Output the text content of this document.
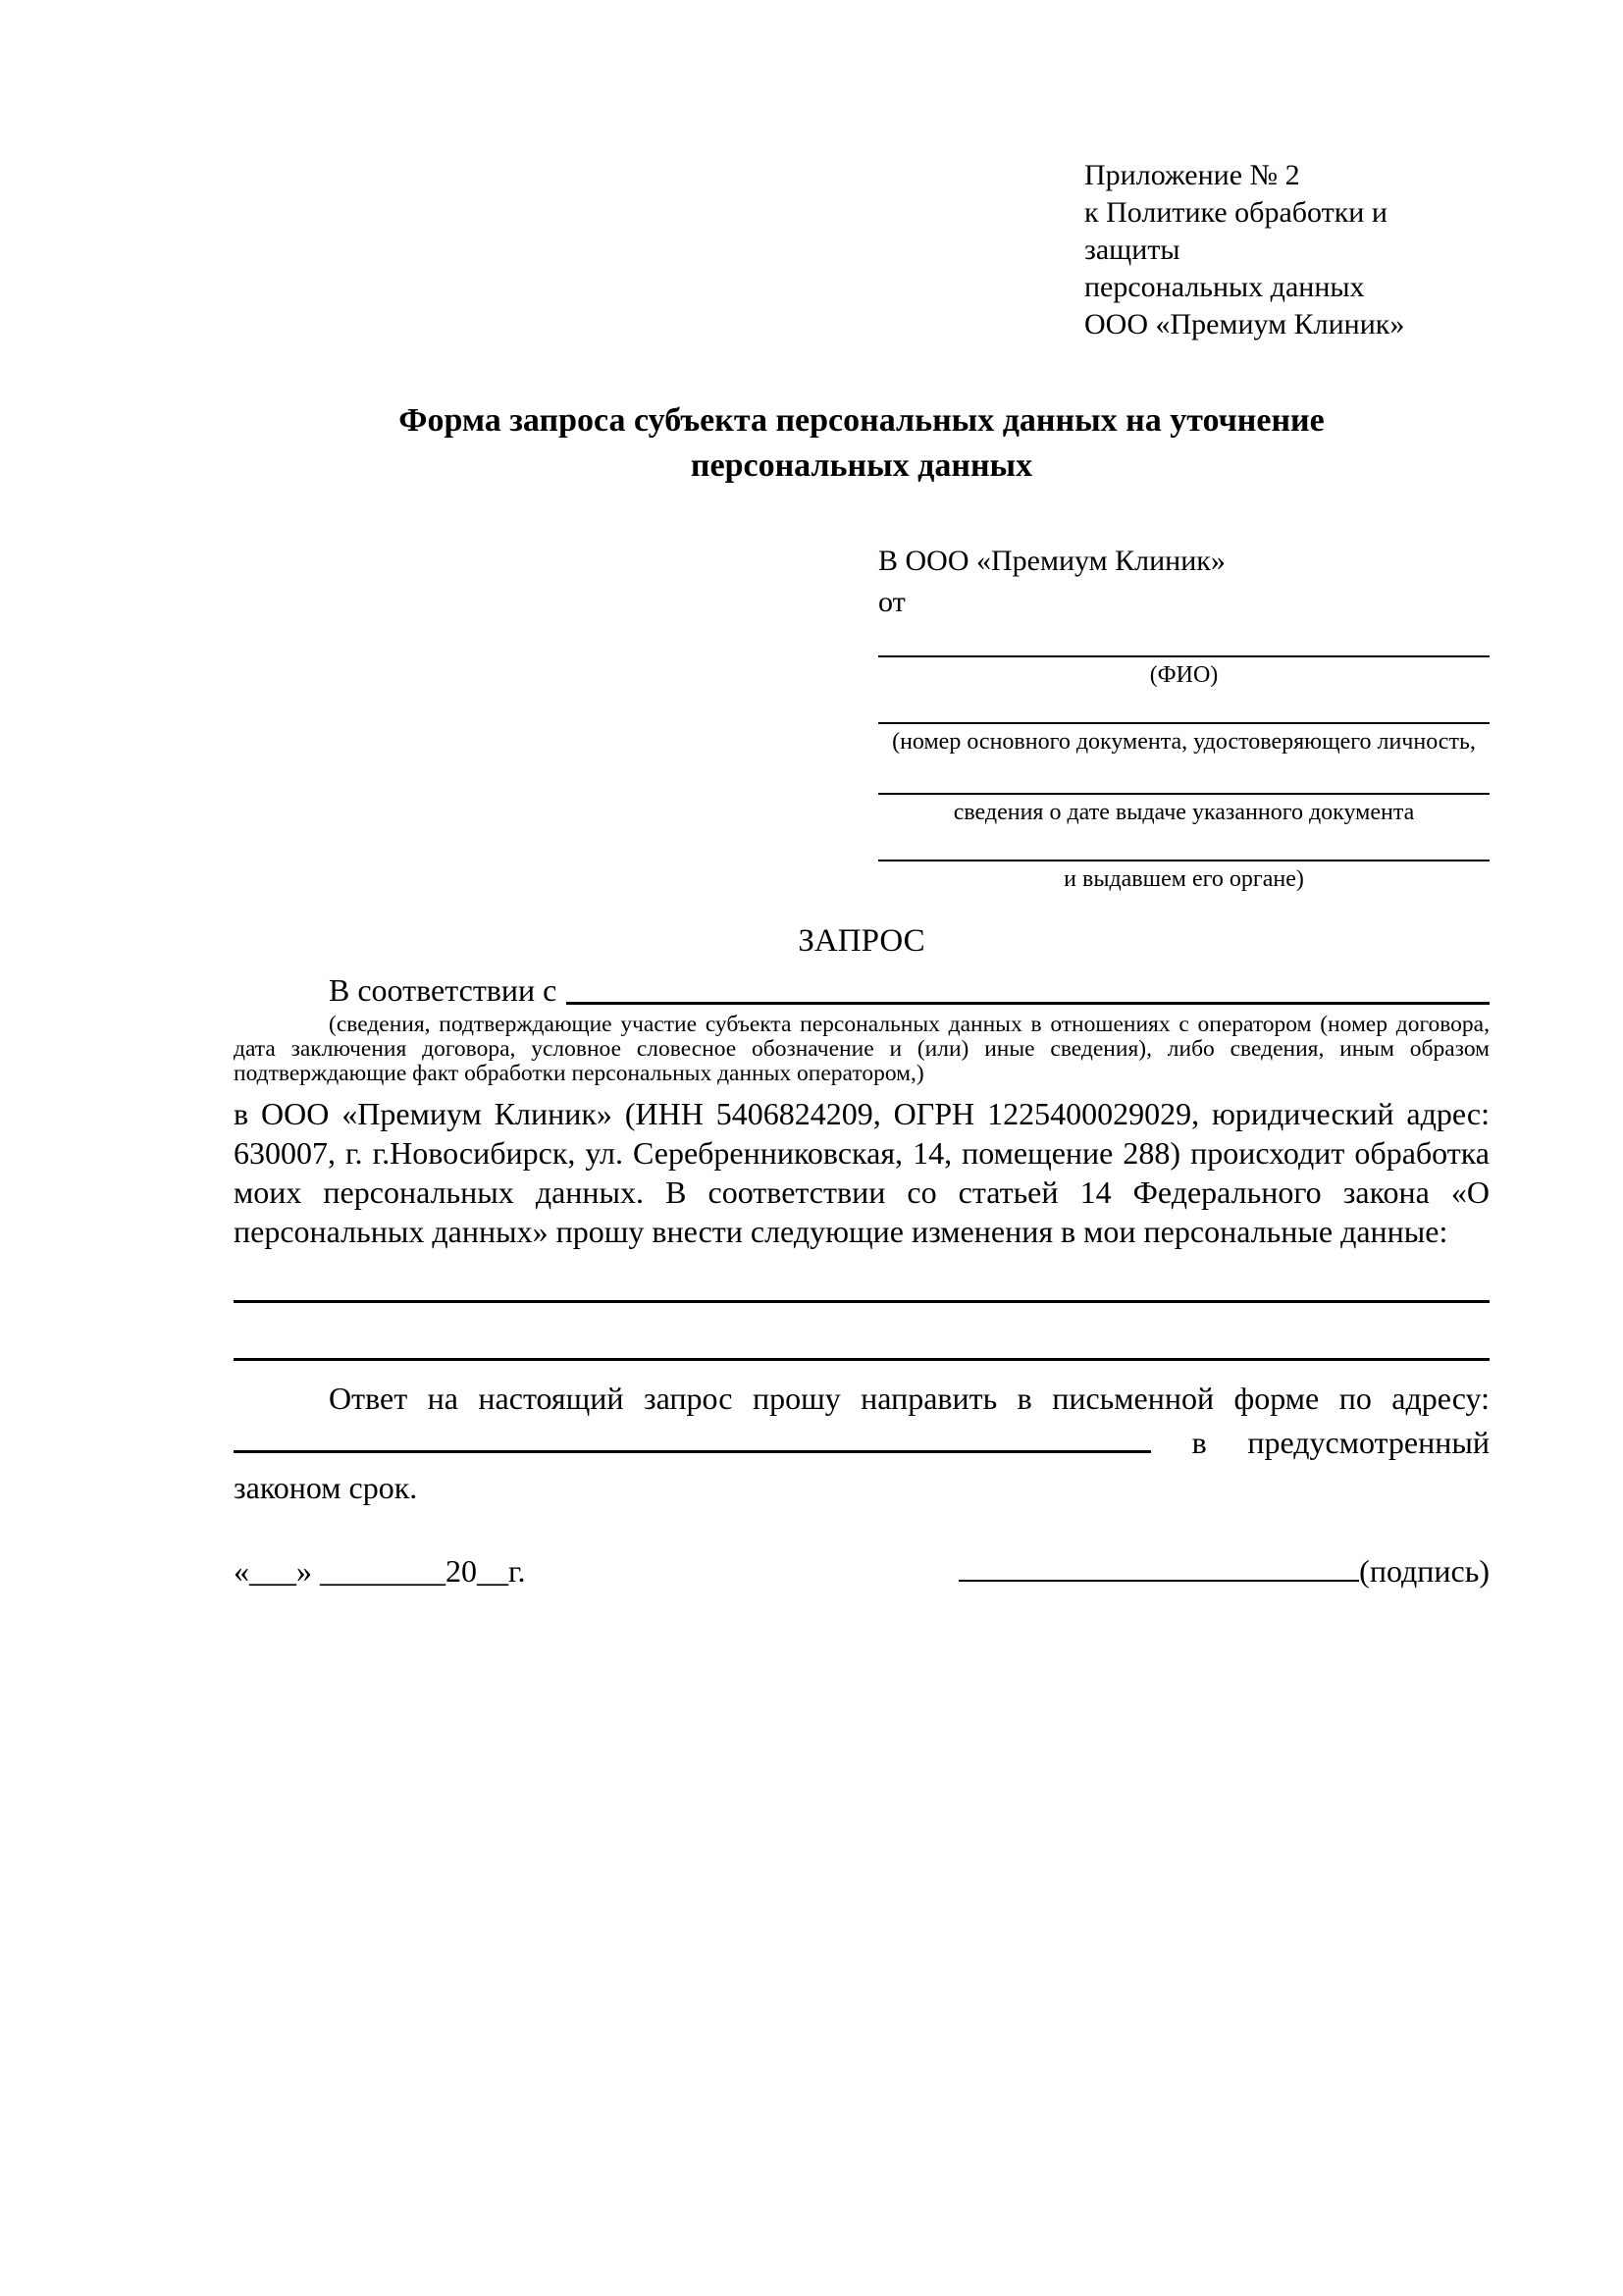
Приложение № 2
к Политике обработки и защиты
персональных данных
ООО «Премиум Клиник»
Форма запроса субъекта персональных данных на уточнение
персональных данных
В ООО «Премиум Клиник»
от
(ФИО)
(номер основного документа, удостоверяющего личность,
сведения о дате выдаче указанного документа
и выдавшем его органе)
ЗАПРОС
В соответствии с
(сведения, подтверждающие участие субъекта персональных данных в отношениях с оператором (номер договора, дата заключения договора, условное словесное обозначение и (или) иные сведения), либо сведения, иным образом подтверждающие факт обработки персональных данных оператором,)
в ООО «Премиум Клиник» (ИНН 5406824209, ОГРН 1225400029029, юридический адрес: 630007, г. г.Новосибирск, ул. Серебренниковская, 14, помещение 288) происходит обработка моих персональных данных. В соответствии со статьей 14 Федерального закона «О персональных данных» прошу внести следующие изменения в мои персональные данные:
Ответ на настоящий запрос прошу направить в письменной форме по адресу:
в предусмотренный
законом срок.
«___» ________20__г.	(подпись)
